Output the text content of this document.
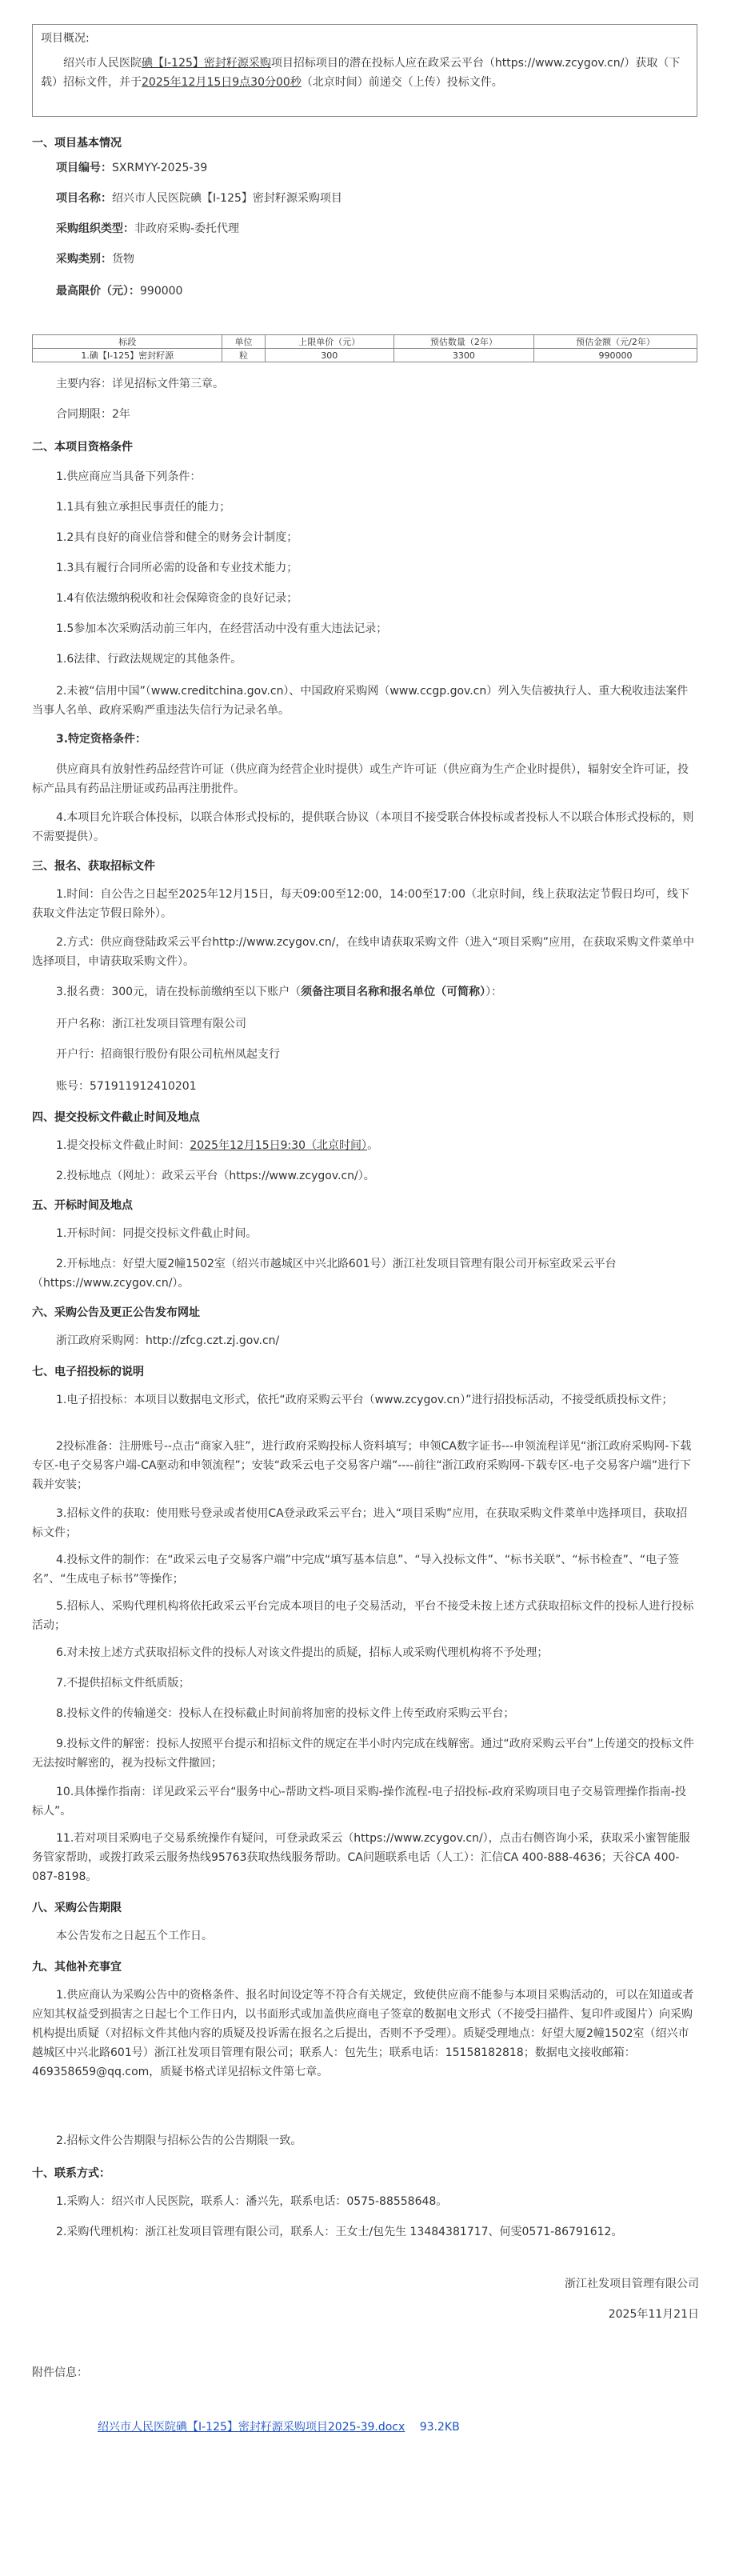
项目概况:
绍兴市人民医院碘【I-125】密封籽源采购项目招标项目的潜在投标人应在政采云平台（https://www.zcygov.cn/）获取（下载）招标文件，并于2025年12月15日9点30分00秒（北京时间）前递交（上传）投标文件。
一、项目基本情况
项目编号：SXRMYY-2025-39
项目名称：绍兴市人民医院碘【I-125】密封籽源采购项目
采购组织类型：非政府采购-委托代理
采购类别：货物
最高限价（元）：990000
标段	单位	上限单价（元）	预估数量（2年）	预估金额（元/2年）
1.碘【I-125】密封籽源	粒	300	3300	990000
主要内容：详见招标文件第三章。
合同期限：2年
二、本项目资格条件
1.供应商应当具备下列条件：
1.1具有独立承担民事责任的能力；
1.2具有良好的商业信誉和健全的财务会计制度；
1.3具有履行合同所必需的设备和专业技术能力；
1.4有依法缴纳税收和社会保障资金的良好记录；
1.5参加本次采购活动前三年内，在经营活动中没有重大违法记录；
1.6法律、行政法规规定的其他条件。
2.未被“信用中国”（www.creditchina.gov.cn）、中国政府采购网（www.ccgp.gov.cn）列入失信被执行人、重大税收违法案件当事人名单、政府采购严重违法失信行为记录名单。
3.特定资格条件：
供应商具有放射性药品经营许可证（供应商为经营企业时提供）或生产许可证（供应商为生产企业时提供），辐射安全许可证，投标产品具有药品注册证或药品再注册批件。
4.本项目允许联合体投标，以联合体形式投标的，提供联合协议（本项目不接受联合体投标或者投标人不以联合体形式投标的，则不需要提供）。
三、报名、获取招标文件
1.时间：自公告之日起至2025年12月15日，每天09:00至12:00，14:00至17:00（北京时间，线上获取法定节假日均可，线下获取文件法定节假日除外）。
2.方式：供应商登陆政采云平台http://www.zcygov.cn/，在线申请获取采购文件（进入“项目采购”应用，在获取采购文件菜单中选择项目，申请获取采购文件）。
3.报名费：300元，请在投标前缴纳至以下账户（须备注项目名称和报名单位（可简称））：
开户名称：浙江社发项目管理有限公司
开户行：招商银行股份有限公司杭州凤起支行
账号：571911912410201
四、提交投标文件截止时间及地点
1.提交投标文件截止时间：2025年12月15日9:30（北京时间）。
2.投标地点（网址）：政采云平台（https://www.zcygov.cn/）。
五、开标时间及地点
1.开标时间：同提交投标文件截止时间。
2.开标地点：好望大厦2幢1502室（绍兴市越城区中兴北路601号）浙江社发项目管理有限公司开标室政采云平台（https://www.zcygov.cn/）。
六、采购公告及更正公告发布网址
浙江政府采购网：http://zfcg.czt.zj.gov.cn/
七、电子招投标的说明
1.电子招投标：本项目以数据电文形式，依托“政府采购云平台（www.zcygov.cn）”进行招投标活动，不接受纸质投标文件；
2投标准备：注册账号--点击“商家入驻”，进行政府采购投标人资料填写；申领CA数字证书---申领流程详见“浙江政府采购网-下载专区-电子交易客户端-CA驱动和申领流程”；安装“政采云电子交易客户端”----前往“浙江政府采购网-下载专区-电子交易客户端”进行下载并安装；
3.招标文件的获取：使用账号登录或者使用CA登录政采云平台；进入“项目采购”应用，在获取采购文件菜单中选择项目，获取招标文件；
4.投标文件的制作：在“政采云电子交易客户端”中完成“填写基本信息”、“导入投标文件”、“标书关联”、“标书检查”、“电子签名”、“生成电子标书”等操作；
5.招标人、采购代理机构将依托政采云平台完成本项目的电子交易活动，平台不接受未按上述方式获取招标文件的投标人进行投标活动；
6.对未按上述方式获取招标文件的投标人对该文件提出的质疑，招标人或采购代理机构将不予处理；
7.不提供招标文件纸质版；
8.投标文件的传输递交：投标人在投标截止时间前将加密的投标文件上传至政府采购云平台；
9.投标文件的解密：投标人按照平台提示和招标文件的规定在半小时内完成在线解密。通过“政府采购云平台”上传递交的投标文件无法按时解密的，视为投标文件撤回；
10.具体操作指南：详见政采云平台“服务中心-帮助文档-项目采购-操作流程-电子招投标-政府采购项目电子交易管理操作指南-投标人”。
11.若对项目采购电子交易系统操作有疑问，可登录政采云（https://www.zcygov.cn/），点击右侧咨询小采，获取采小蜜智能服务管家帮助，或拨打政采云服务热线95763获取热线服务帮助。CA问题联系电话（人工）：汇信CA 400-888-4636；天谷CA 400-087-8198。
八、采购公告期限
本公告发布之日起五个工作日。
九、其他补充事宜
1.供应商认为采购公告中的资格条件、报名时间设定等不符合有关规定，致使供应商不能参与本项目采购活动的，可以在知道或者应知其权益受到损害之日起七个工作日内，以书面形式或加盖供应商电子签章的数据电文形式（不接受扫描件、复印件或图片）向采购机构提出质疑（对招标文件其他内容的质疑及投诉需在报名之后提出，否则不予受理）。质疑受理地点：好望大厦2幢1502室（绍兴市越城区中兴北路601号）浙江社发项目管理有限公司；联系人：包先生；联系电话：15158182818；数据电文接收邮箱：469358659@qq.com，质疑书格式详见招标文件第七章。
2.招标文件公告期限与招标公告的公告期限一致。
十、联系方式：
1.采购人：绍兴市人民医院，联系人：潘兴先，联系电话：0575-88558648。
2.采购代理机构：浙江社发项目管理有限公司，联系人：王女士/包先生 13484381717、何雯0571-86791612。
浙江社发项目管理有限公司
2025年11月21日
附件信息：
绍兴市人民医院碘【I-125】密封籽源采购项目2025-39.docx 93.2KB
